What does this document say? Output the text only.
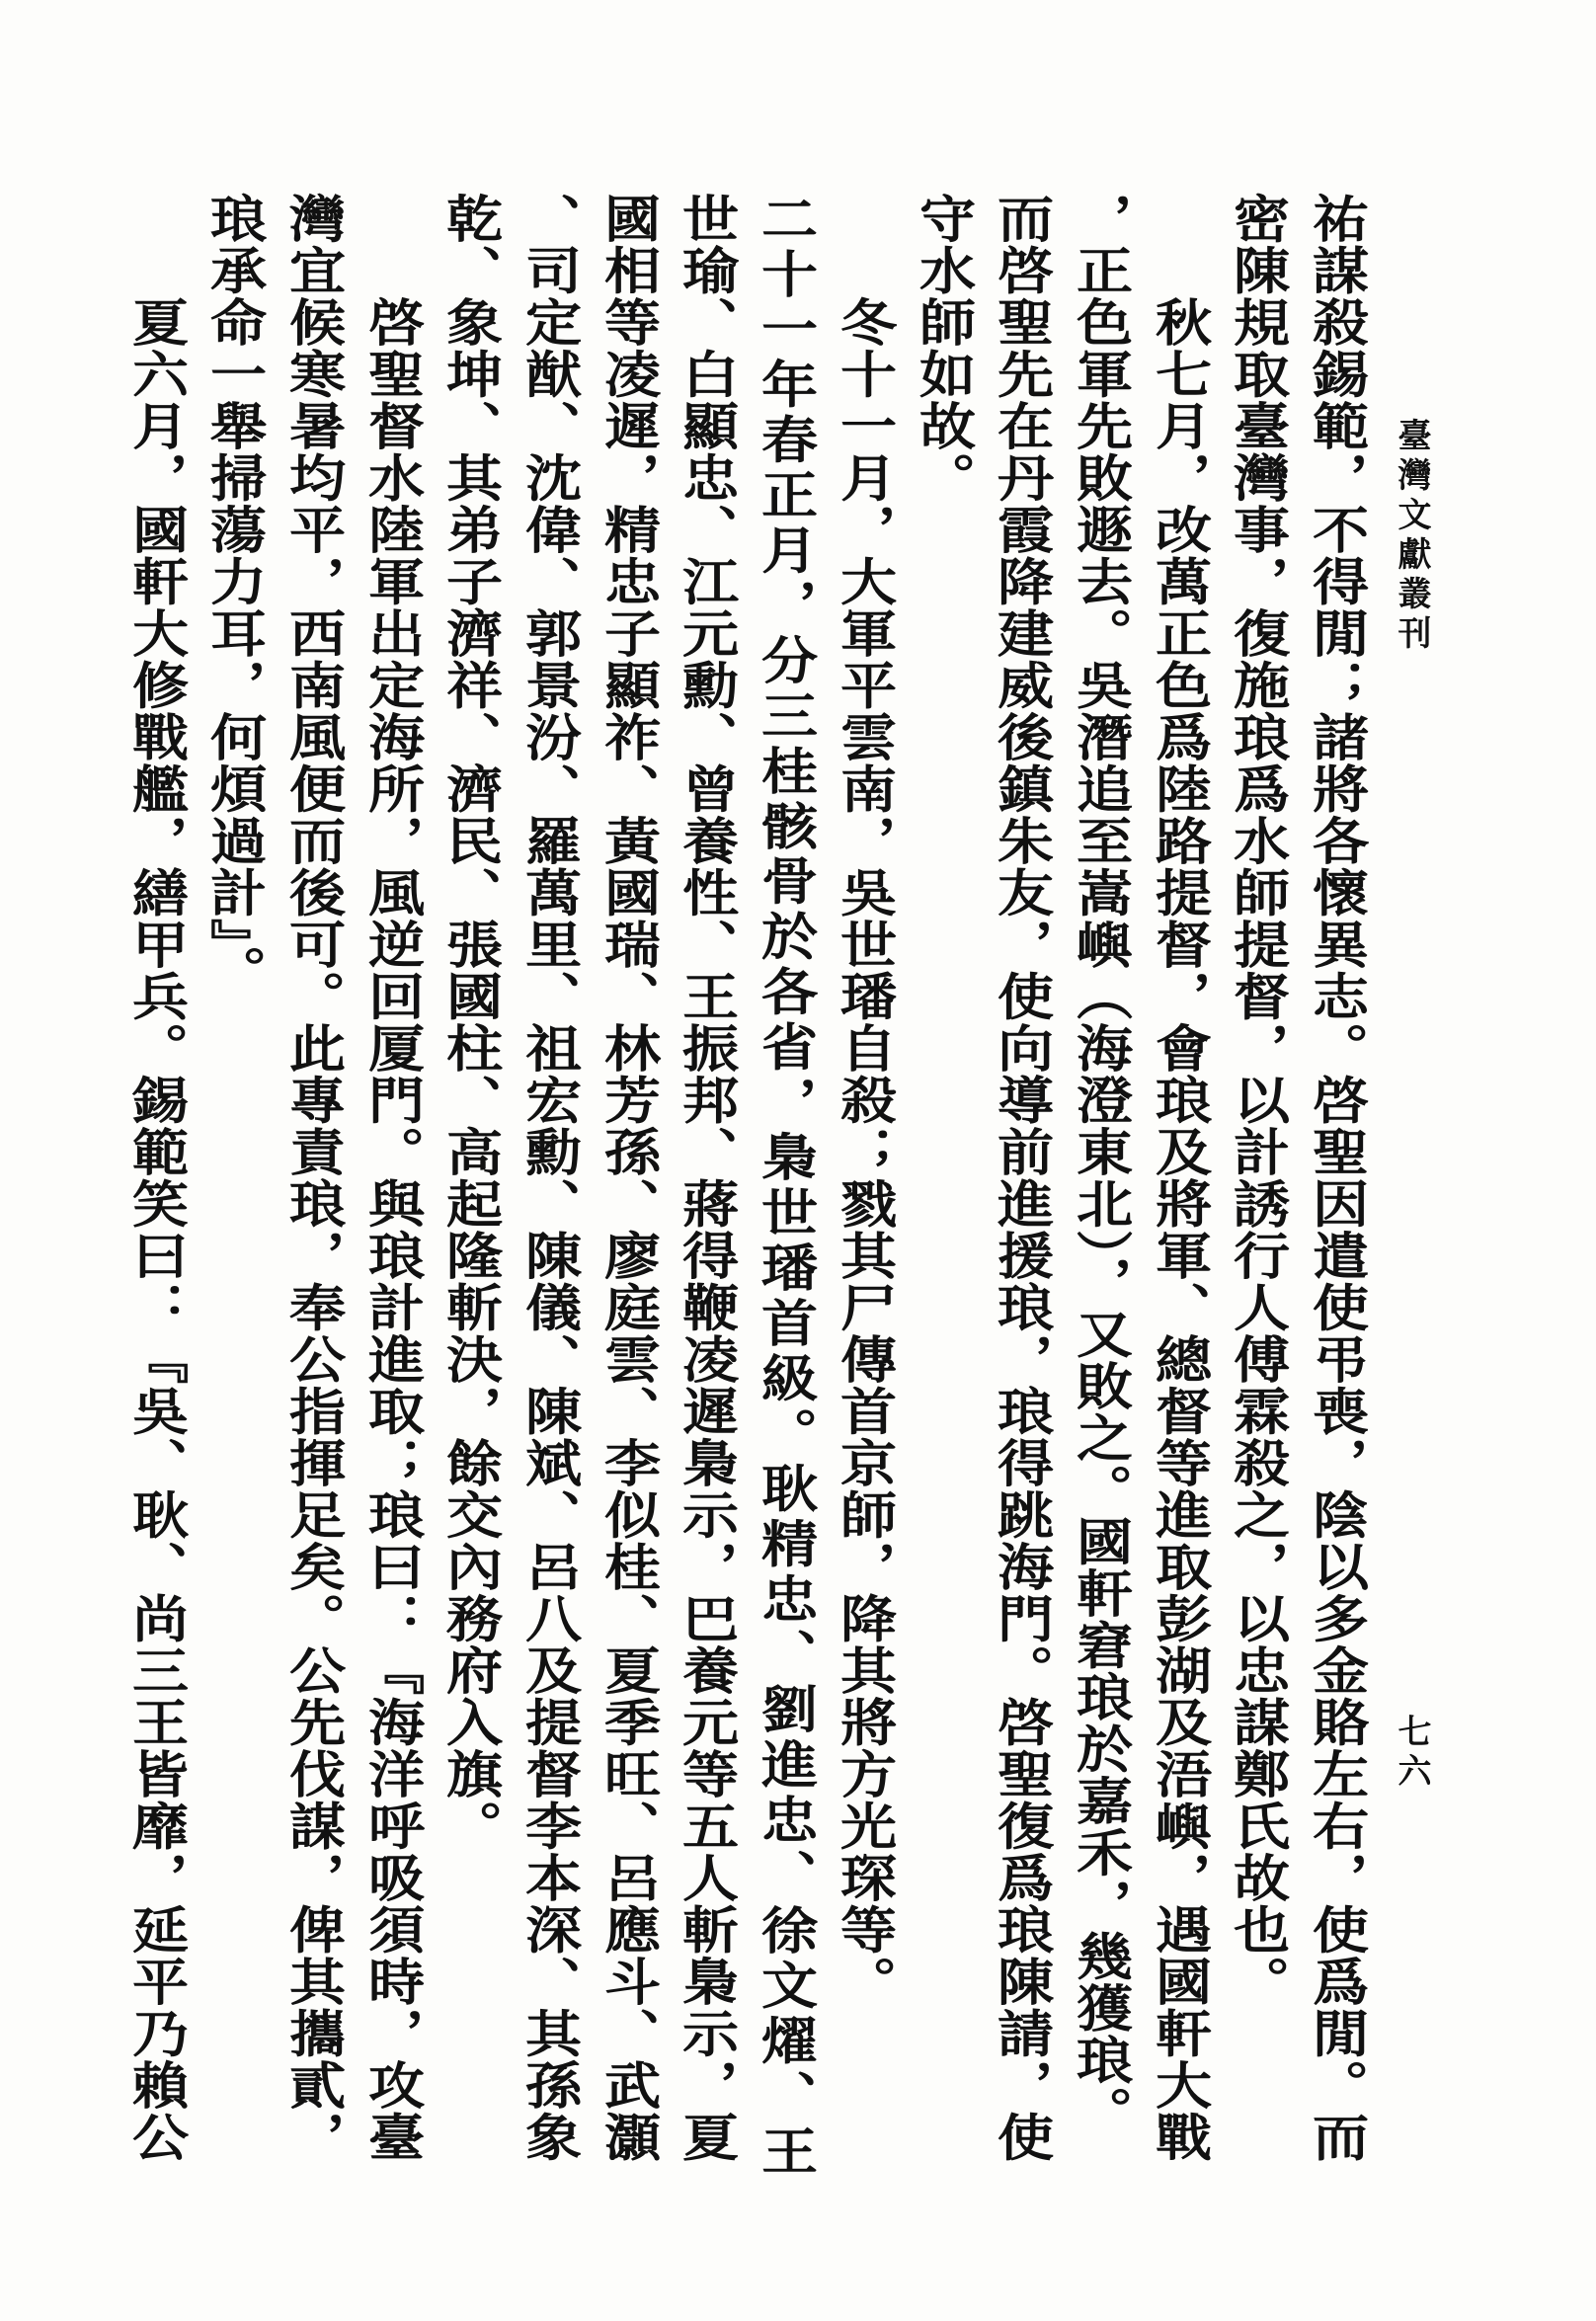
臺灣文獻叢刊
七六
祐謀殺錫範，不得閒；諸將各懷異志。啓聖因遣使弔喪，陰以多金賂左右，使爲閒。而
密陳規取臺灣事，復施琅爲水師提督，以計誘行人傅霖殺之，以忠謀鄭氏故也。
秋七月，改萬正色爲陸路提督，會琅及將軍、總督等進取彭湖及浯嶼，遇國軒大戰
，正色軍先敗遯去。吳潛追至嵩嶼（海澄東北），又敗之。國軒窘琅於嘉禾，幾獲琅。
而啓聖先在丹霞降建威後鎮朱友，使向導前進援琅，琅得跳海門。啓聖復爲琅陳請，使
守水師如故。
冬十一月，大軍平雲南，吳世璠自殺；戮其尸傳首京師，降其將方光琛等。
二十一年春正月，分三桂骸骨於各省，梟世璠首級。耿精忠、劉進忠、徐文燿、王
世瑜、白顯忠、江元勳、曾養性、王振邦、蔣得鞭凌遲梟示，巴養元等五人斬梟示，夏
國相等凌遲，精忠子顯祚、黃國瑞、林芳孫、廖庭雲、李似桂、夏季旺、呂應斗、武灝
、司定猷、沈偉、郭景汾、羅萬里、祖宏勳、陳儀、陳斌、呂八及提督李本深、其孫象
乾、象坤、其弟子濟祥、濟民、張國柱、高起隆斬決，餘交內務府入旗。
啓聖督水陸軍出定海所，風逆回厦門。與琅計進取；琅曰：『海洋呼吸須時，攻臺
灣宜候寒暑均平，西南風便而後可。此專責琅，奉公指揮足矣。公先伐謀，俾其攜貳，
琅承命一舉掃蕩力耳，何煩過計』。
夏六月，國軒大修戰艦，繕甲兵。錫範笑曰：『吳、耿、尚三王皆靡，延平乃賴公
